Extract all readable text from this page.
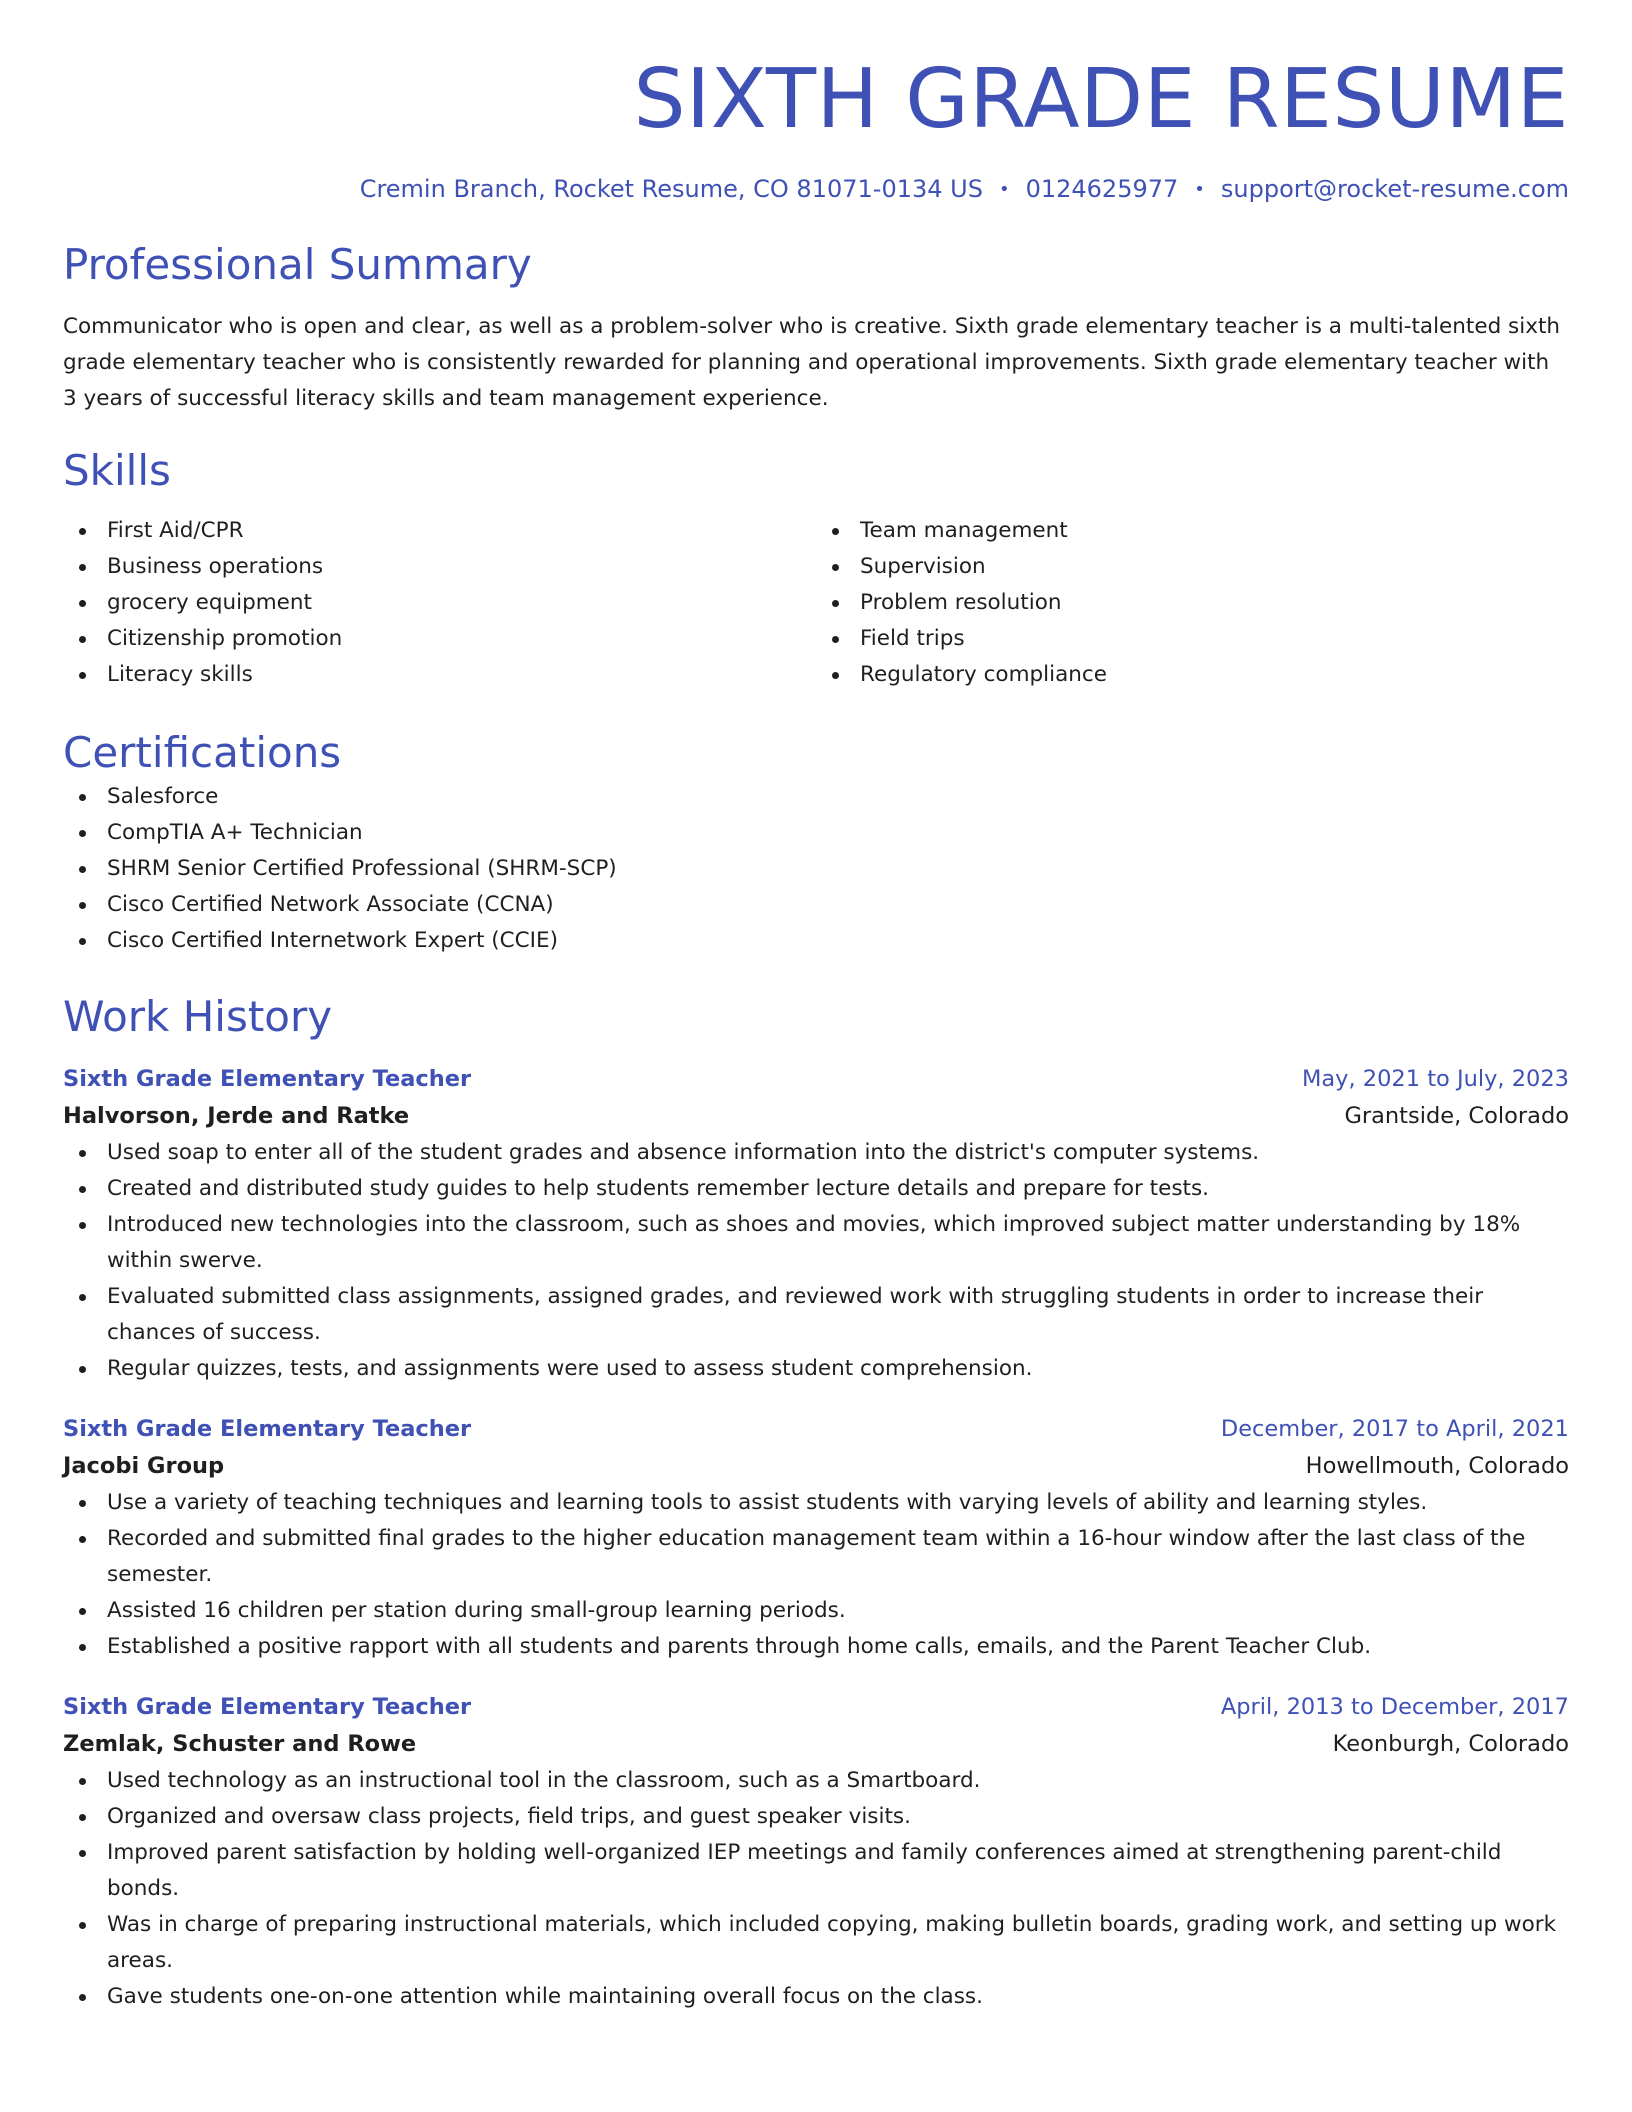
SIXTH GRADE RESUME
Cremin Branch, Rocket Resume, CO 81071-0134 US • 0124625977 • support@rocket-resume.com
Professional Summary

Communicator who is open and clear, as well as a problem-solver who is creative. Sixth grade elementary teacher is a multi-talented sixth grade elementary teacher who is consistently rewarded for planning and operational improvements. Sixth grade elementary teacher with 3 years of successful literacy skills and team management experience.

Skills
First Aid/CPR
Business operations
grocery equipment
Citizenship promotion
Literacy skills
Team management
Supervision
Problem resolution
Field trips
Regulatory compliance
Certifications
Salesforce
CompTIA A+ Technician
SHRM Senior Certified Professional (SHRM-SCP)
Cisco Certified Network Associate (CCNA)
Cisco Certified Internetwork Expert (CCIE)
Work History
Sixth Grade Elementary Teacher	May, 2021 to July, 2023
Halvorson, Jerde and Ratke	Grantside, Colorado
Used soap to enter all of the student grades and absence information into the district's computer systems.
Created and distributed study guides to help students remember lecture details and prepare for tests.
Introduced new technologies into the classroom, such as shoes and movies, which improved subject matter understanding by 18% within swerve.
Evaluated submitted class assignments, assigned grades, and reviewed work with struggling students in order to increase their chances of success.
Regular quizzes, tests, and assignments were used to assess student comprehension.
Sixth Grade Elementary Teacher	December, 2017 to April, 2021
Jacobi Group	Howellmouth, Colorado
Use a variety of teaching techniques and learning tools to assist students with varying levels of ability and learning styles.
Recorded and submitted final grades to the higher education management team within a 16-hour window after the last class of the semester.
Assisted 16 children per station during small-group learning periods.
Established a positive rapport with all students and parents through home calls, emails, and the Parent Teacher Club.
Sixth Grade Elementary Teacher	April, 2013 to December, 2017
Zemlak, Schuster and Rowe	Keonburgh, Colorado
Used technology as an instructional tool in the classroom, such as a Smartboard.
Organized and oversaw class projects, field trips, and guest speaker visits.
Improved parent satisfaction by holding well-organized IEP meetings and family conferences aimed at strengthening parent-child bonds.
Was in charge of preparing instructional materials, which included copying, making bulletin boards, grading work, and setting up work areas.
Gave students one-on-one attention while maintaining overall focus on the class.
